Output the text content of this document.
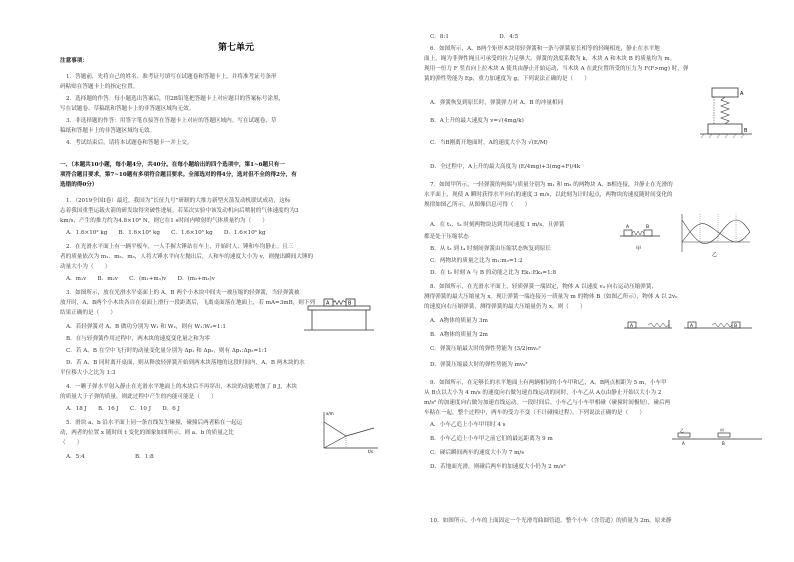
第七单元
注意事项：
1．答题前，先将自己的姓名、准考证号填写在试题卷和答题卡上，并将准考证号条形
码粘贴在答题卡上的指定位置。
2．选择题的作答：每小题选出答案后，用2B铅笔把答题卡上对应题目的答案标号涂黑，
写在试题卷、草稿纸和答题卡上的非答题区域均无效。
3．非选择题的作答：用签字笔直接答在答题卡上对应的答题区域内。写在试题卷、草
稿纸和答题卡上的非答题区域均无效。
4．考试结束后，请将本试题卷和答题卡一并上交。
一、（本题共10小题，每小题4分，共40分。在每小题给出的四个选项中，第1~6题只有一
项符合题目要求，第7~10题有多项符合题目要求。全部选对的得4分，选对但不全的得2分，有
选错的得0分）
1．（2019全国I卷）最近，我国为“长征九号”研制的大推力新型火箭发动机联试成功，这标
志着我国重型运载火箭的研发取得突破性进展。若某次实验中该发动机向后喷射的气体速度约为3
km/s，产生的推力约为4.8×10⁶ N，则它在1 s时间内喷射的气体质量约为（　　）
A．1.6×10² kg　　B．1.6×10³ kg　　C．1.6×10⁵ kg　　D．1.6×10⁶ kg
2．在光滑水平面上有一辆平板车，一人手握大锤站在车上，开始时人、锤和车均静止。且三
者的质量依次为 m₁、m₂、m₃，人将大锤水平向左抛出后，人和车的速度大小为 v，则抛出瞬间大锤的
动量大小为（　　）
A．m₁v　　B．m₂v　　C．(m₁+m₃)v　　D．(m₂+m₃)v
3．如图所示，放在光滑水平桌面上的 A、B 两个小木块中间夹一被压缩的轻弹簧，当轻弹簧被
放开时，A、B两个小木块各自在桌面上滑行一段距离后，飞离桌面落在地面上，若 mA=3mB，则下列
结果正确的是（　　）
A．若轻弹簧对 A、B 做功分别为 W₁ 和 W₂，则有 W₁:W₂=1:1
B．在与轻弹簧作用过程中，两木块的速度变化量之和为零
C．若 A、B 在空中飞行时的动量变化量分别为 Δp₁ 和 Δp₂，则有 Δp₁:Δp₂=1:1
D．若 A、B 同时离开桌面，则从释放轻弹簧开始到两木块落地的这段时间内，A、B 两木块的水
平位移大小之比为 1:3
4．一颗子弹水平射入静止在光滑水平地面上的木块后不再穿出，木块的动能增加了 8 J，木块
的质量大于子弹的质量。则此过程中产生的内能可能是（　　）
A．18 J　　B．16 J　　C．10 J　　D．6 J
5．滑块 a、b 沿水平面上同一条直线发生碰撞，碰撞后两者粘在一起运
动，两者的位置 x 随时间 t 变化的图象如图所示。则 a、b 的质量之比
（　　）
A．5:4　　　　　　　　　B．1:8
A	B
t/s
x/m
C．8:1　　　　　　　　　D．4:5
6．如图所示，A、B两个矩形木块用轻弹簧和一条与弹簧原长相等的轻绳相连，静止在水平地
面上，绳为非弹性绳且可承受的拉力足够大。弹簧的劲度系数为 k，木块 A 和木块 B 的质量均为 m。
现用一恒力 F 竖直向上拉木块 A 使其由静止开始运动，当木块 A 在此位置所受的压力为 F(F>mg) 时，弹
簧的弹性势能为 Ep，重力加速度为 g，下列说法正确的是（　　）
A．弹簧恢复到原长时，弹簧弹力对 A、B 的冲量相同
B．A上升的最大速度为 v=√(4mg/k)
C．当B刚离开地面时，A的速度大小为 √(E/M)
D．全过程中，A上升的最大高度为 (E/4mg)+3(mg+F)/4k
7．如图甲所示，一轻弹簧的两端与质量分别为 m₁ 和 m₂ 的两物块 A、B相连接，并静止在光滑的
水平面上，现使 A 瞬时获得水平向右的速度 3 m/s，以此刻为计时起点，两物块的速度随时间变化的
规律如图乙所示，从图像信息可得（　　）
A．在 t₁、t₃ 时刻两物块达到共同速度 1 m/s，且弹簧
都是处于压缩状态
B．从 t₃ 到 t₄ 时刻间弹簧由压缩状态恢复到原长
C．两物块的质量之比为 m₁:m₂=1:2
D．在 t₂ 时刻 A 与 B 的动能之比为 Ek₁:Ek₂=1:8
8．如图所示，在光滑水平面上，轻质弹簧一端固定，物体 A 以速度 v₀ 向右运动压缩弹簧，
测得弹簧的最大压缩量为 x。现让弹簧一端连接另一质量为 m 的物体 B（如图乙所示），物体 A 以 2v₀
的速度向右压缩弹簧，测得弹簧的最大压缩量仍为 x，则（　　）
A．A物体的质量为 3m
B．A物体的质量为 2m
C．弹簧压缩最大时的弹性势能为 (3/2)mv₀²
D．弹簧压缩最大时的弹性势能为 mv₀²
9．如图所示，在足够长的水平地面上有两辆相同的小车甲和乙，A、B两点相距为 5 m，小车甲
从 B点以大小为 4 m/s 的速度向右做匀速直线运动的同时，小车乙从 A点由静止开始以大小为 2
m/s² 的加速度向右做匀加速直线运动。一段时间后，小车乙与小车甲相碰（碰撞时间极短），碰后两
车粘在一起，整个过程中，两车的受力不变（不计碰撞过程）。下列说法正确的是（　　）
A．小车乙追上小车甲用时 4 s
B．小车乙追上小车甲之前它们的最远距离为 9 m
C．碰后瞬间两车的速度大小为 7 m/s
D．若地面光滑，则碰后两车的加速度大小仍为 2 m/s²
10．如图所示，小车的上面固定一个光滑弯曲圆管道，整个小车（含管道）的质量为 2m，原来静
A
B
A	B
甲
乙
A	A	B
乙	甲
A	B
